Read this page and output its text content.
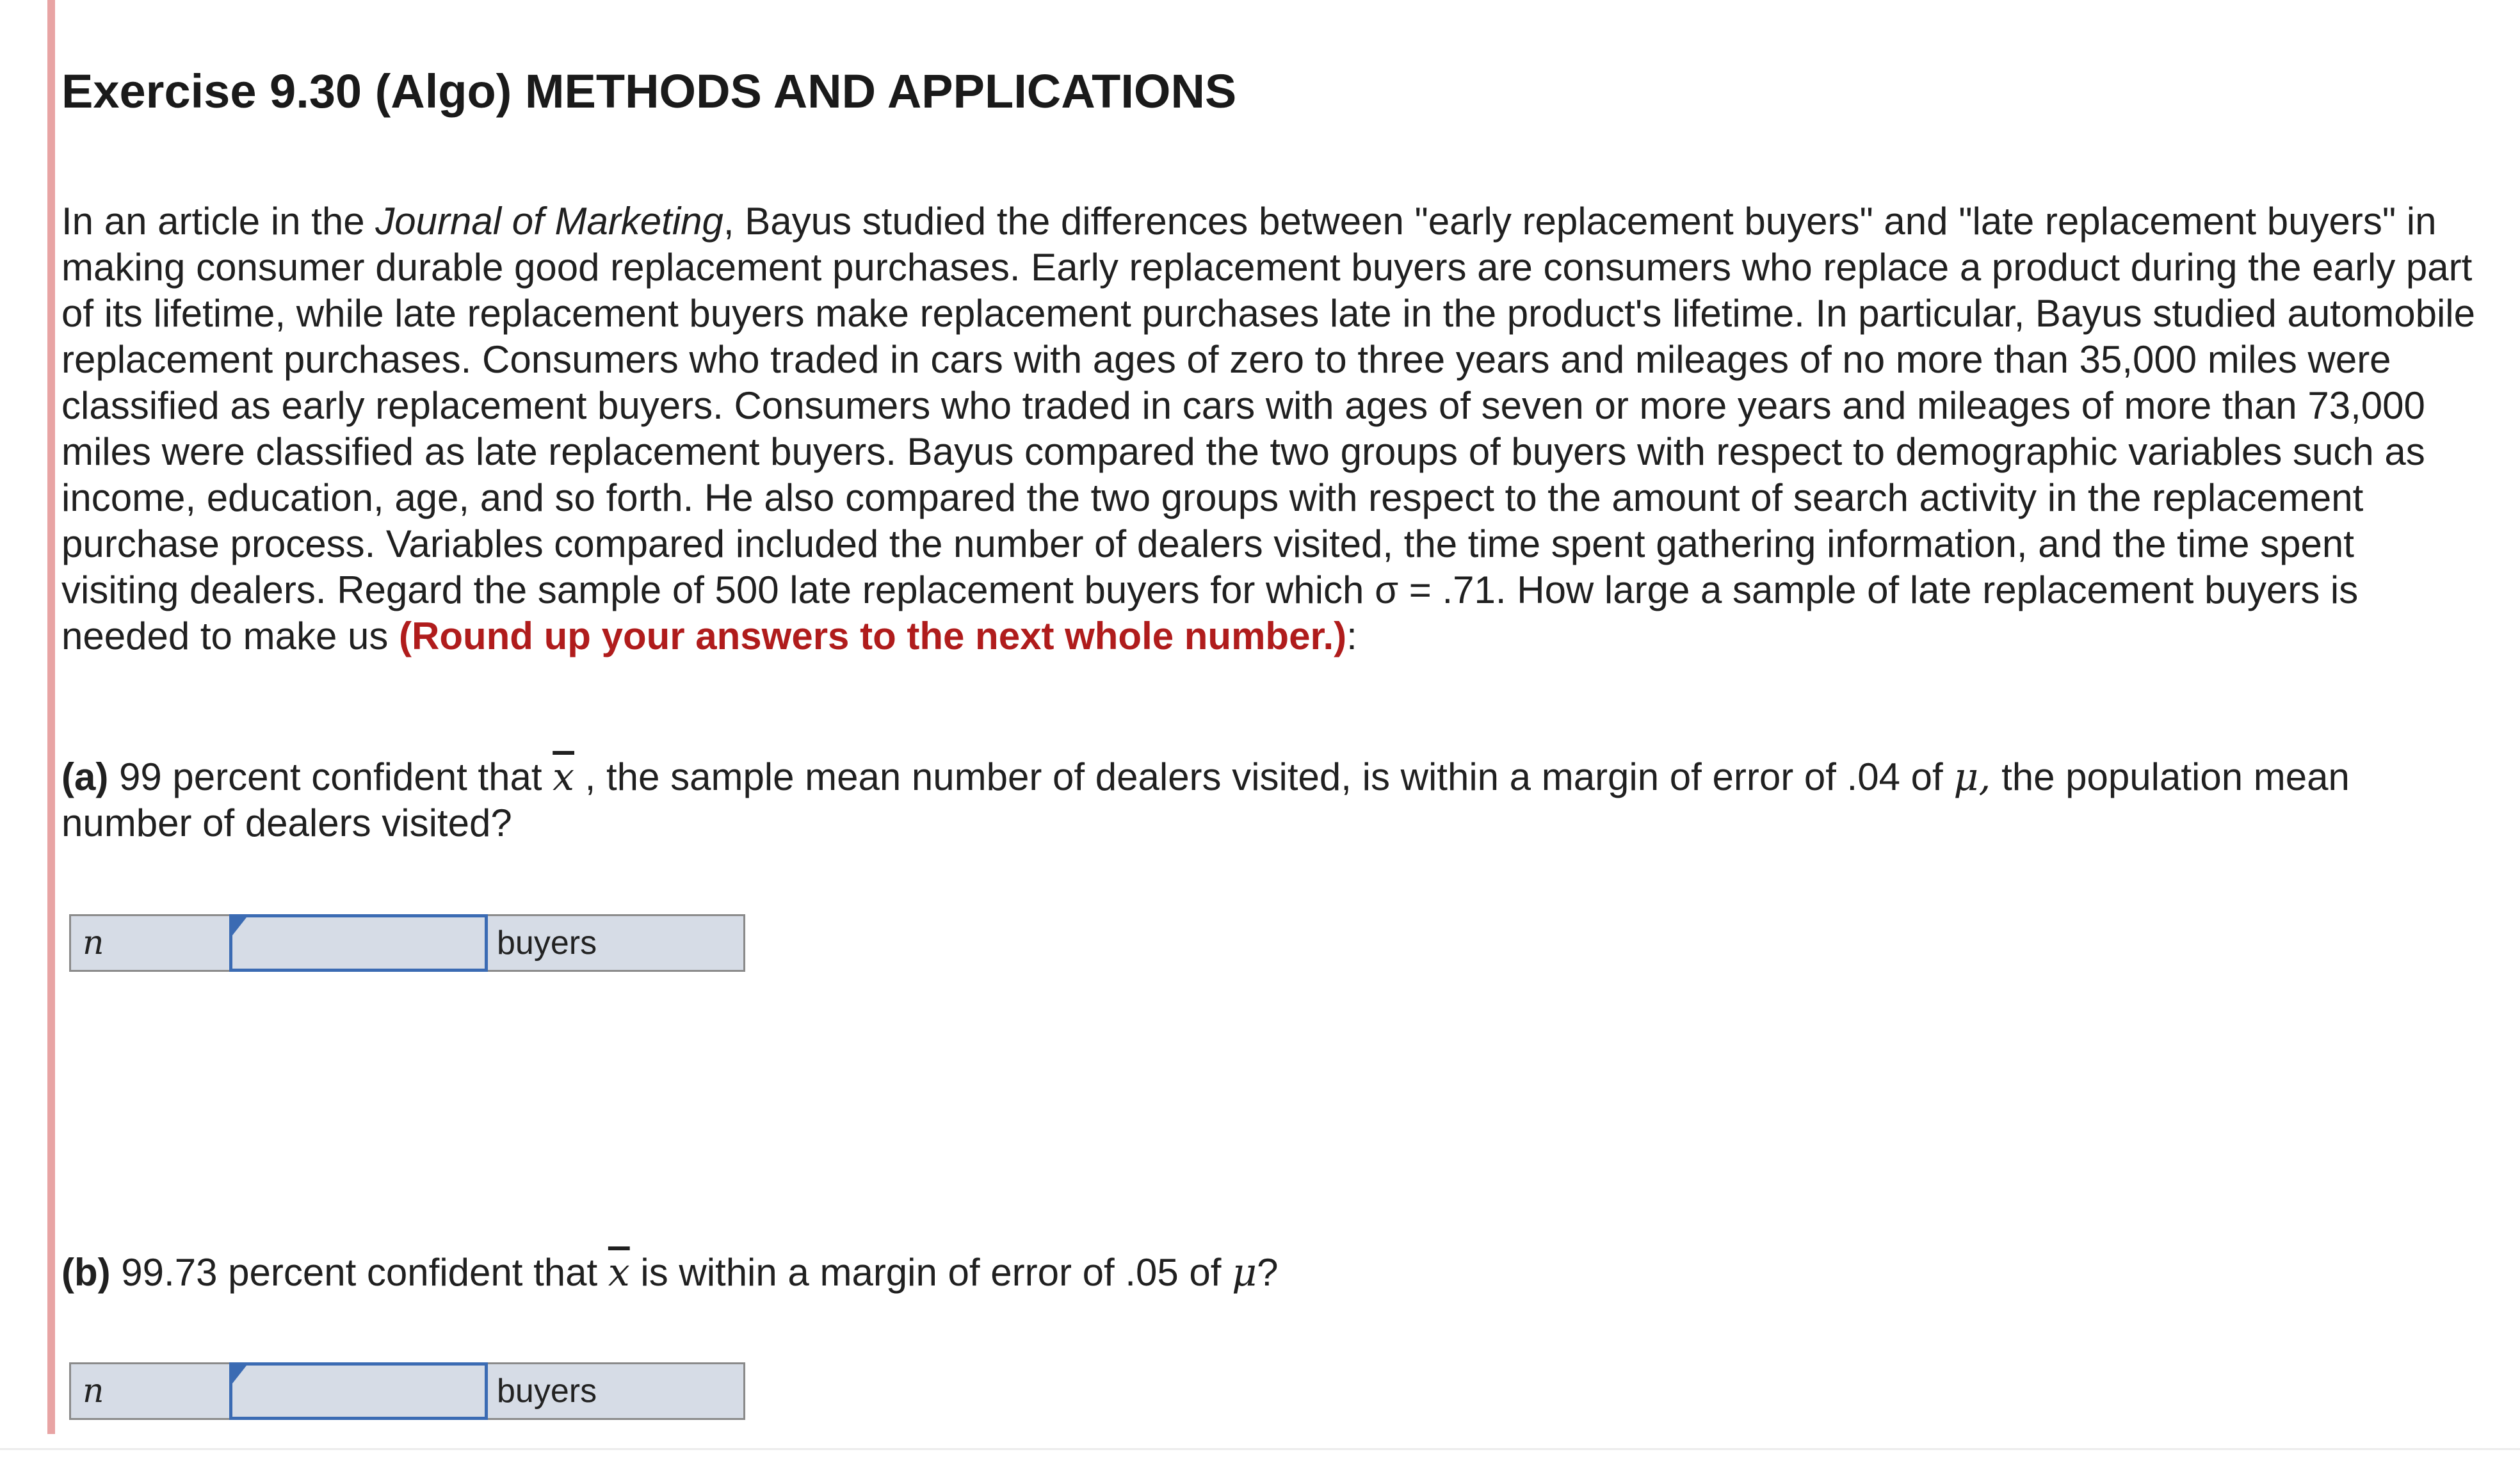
Exercise 9.30 (Algo) METHODS AND APPLICATIONS

In an article in the Journal of Marketing, Bayus studied the differences between "early replacement buyers" and "late replacement buyers" in making consumer durable good replacement purchases. Early replacement buyers are consumers who replace a product during the early part of its lifetime, while late replacement buyers make replacement purchases late in the product's lifetime. In particular, Bayus studied automobile replacement purchases. Consumers who traded in cars with ages of zero to three years and mileages of no more than 35,000 miles were classified as early replacement buyers. Consumers who traded in cars with ages of seven or more years and mileages of more than 73,000 miles were classified as late replacement buyers. Bayus compared the two groups of buyers with respect to demographic variables such as income, education, age, and so forth. He also compared the two groups with respect to the amount of search activity in the replacement purchase process. Variables compared included the number of dealers visited, the time spent gathering information, and the time spent visiting dealers. Regard the sample of 500 late replacement buyers for which σ = .71. How large a sample of late replacement buyers is needed to make us (Round up your answers to the next whole number.):

(a) 99 percent confident that $\overline{x}$ , the sample mean number of dealers visited, is within a margin of error of .04 of μ, the population mean number of dealers visited?

n	buyers

(b) 99.73 percent confident that $\overline{x}$ is within a margin of error of .05 of μ?

n	buyers
